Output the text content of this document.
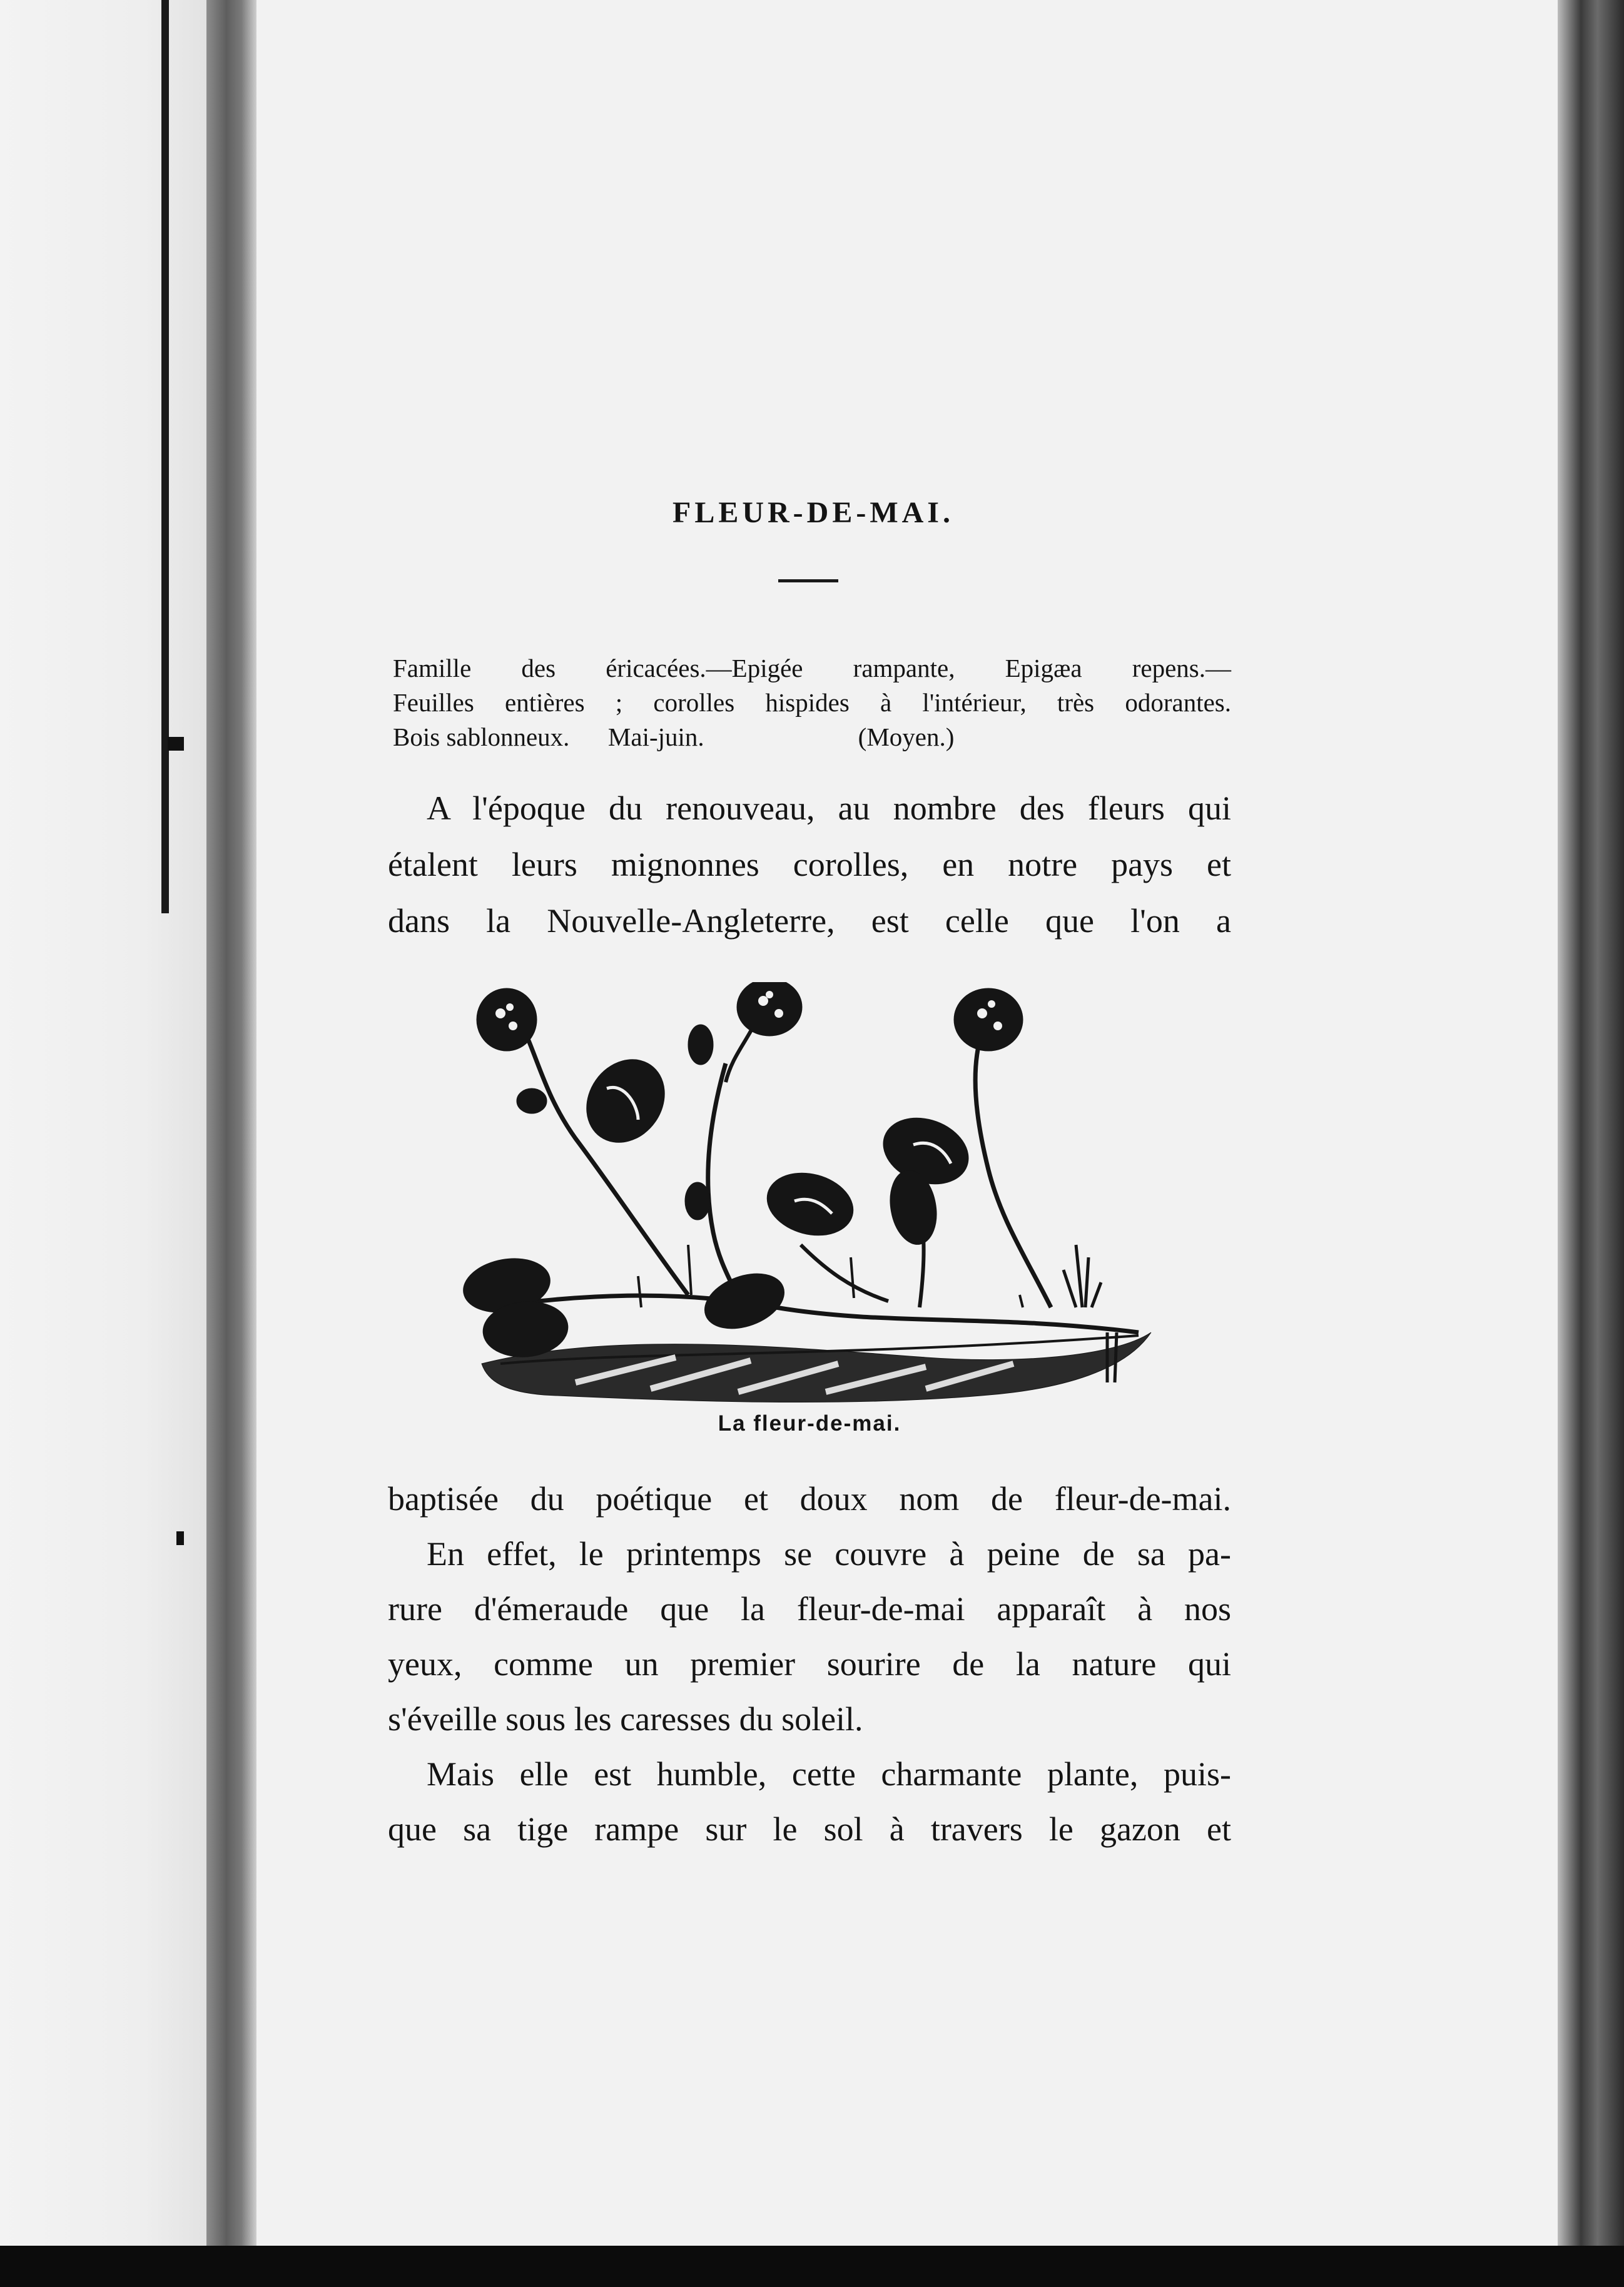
FLEUR-DE-MAI.
Famille des éricacées.—Epigée rampante, Epigæa repens.—
Feuilles entières ; corolles hispides à l'intérieur, très odorantes.
Bois sablonneux.      Mai-juin.                        (Moyen.)
A l'époque du renouveau, au nombre des fleurs qui
étalent leurs mignonnes corolles, en notre pays et
dans la Nouvelle-Angleterre, est celle que l'on a
La fleur-de-mai.
baptisée du poétique et doux nom de fleur-de-mai.
En effet, le printemps se couvre à peine de sa pa-
rure d'émeraude que la fleur-de-mai apparaît à nos
yeux, comme un premier sourire de la nature qui
s'éveille sous les caresses du soleil.
Mais elle est humble, cette charmante plante, puis-
que sa tige rampe sur le sol à travers le gazon et
